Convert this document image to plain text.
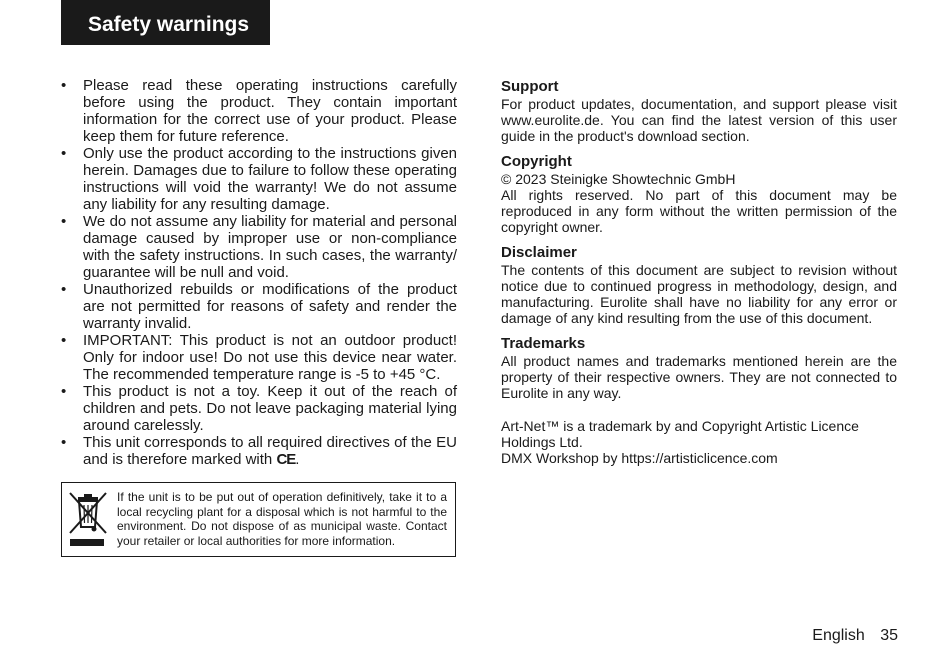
Safety warnings
• Please read these operating instructions carefully before using the product. They contain important information for the correct use of your product. Please keep them for future reference.
• Only use the product according to the instructions given herein. Damages due to failure to follow these operating instructions will void the warranty! We do not assume any liability for any resulting damage.
• We do not assume any liability for material and personal damage caused by improper use or non-compliance with the safety instructions. In such cases, the warranty/ guarantee will be null and void.
• Unauthorized rebuilds or modifications of the product are not permitted for reasons of safety and render the warranty invalid.
• IMPORTANT: This product is not an outdoor product! Only for indoor use! Do not use this device near water. The recommended temperature range is -5 to +45 °C.
• This product is not a toy. Keep it out of the reach of children and pets. Do not leave packaging material lying around carelessly.
• This unit corresponds to all required directives of the EU and is therefore marked with CE.

If the unit is to be put out of operation definitively, take it to a local recycling plant for a disposal which is not harmful to the environment. Do not dispose of as municipal waste. Contact your retailer or local authorities for more information.

Support

For product updates, documentation, and support please visit www.eurolite.de. You can find the latest version of this user guide in the product's download section.

Copyright

© 2023 Steinigke Showtechnic GmbH

All rights reserved. No part of this document may be reproduced in any form without the written permission of the copyright owner.

Disclaimer

The contents of this document are subject to revision without notice due to continued progress in methodology, design, and manufacturing. Eurolite shall have no liability for any error or damage of any kind resulting from the use of this document.

Trademarks

All product names and trademarks mentioned herein are the property of their respective owners. They are not connected to Eurolite in any way.

Art-Net™ is a trademark by and Copyright Artistic Licence Holdings Ltd.

DMX Workshop by https://artisticlicence.com

English 35
